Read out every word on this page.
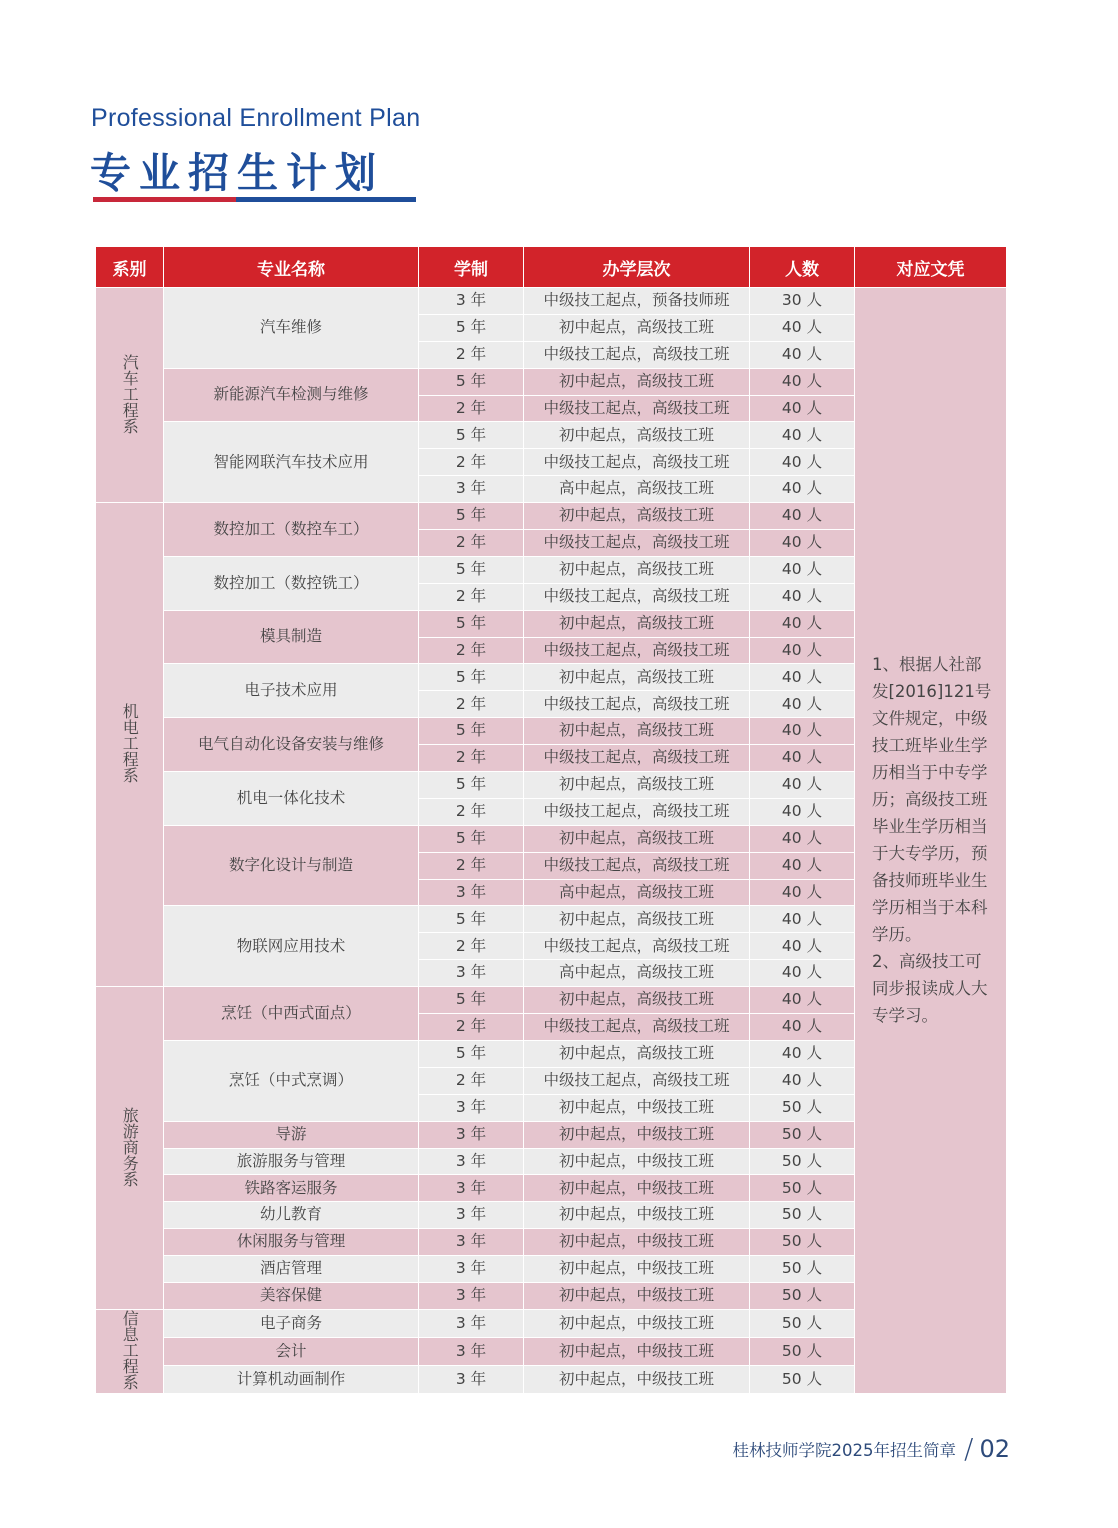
Professional Enrollment Plan
专业招生计划
系别	专业名称	学制	办学层次	人数	对应文凭
汽车工程系	汽车维修	3 年	中级技工起点，预备技师班	30 人	1、根据人社部发[2016]121号文件规定，中级技工班毕业生学历相当于中专学历；高级技工班毕业生学历相当于大专学历，预备技师班毕业生学历相当于本科学历。
2、高级技工可同步报读成人大专学习。

		5 年	初中起点，高级技工班	40 人	
		2 年	中级技工起点，高级技工班	40 人	
	新能源汽车检测与维修	5 年	初中起点，高级技工班	40 人	
		2 年	中级技工起点，高级技工班	40 人	
	智能网联汽车技术应用	5 年	初中起点，高级技工班	40 人	
		2 年	中级技工起点，高级技工班	40 人	
		3 年	高中起点，高级技工班	40 人	
机电工程系	数控加工（数控车工）	5 年	初中起点，高级技工班	40 人	
		2 年	中级技工起点，高级技工班	40 人	
	数控加工（数控铣工）	5 年	初中起点，高级技工班	40 人	
		2 年	中级技工起点，高级技工班	40 人	
	模具制造	5 年	初中起点，高级技工班	40 人	
		2 年	中级技工起点，高级技工班	40 人	
	电子技术应用	5 年	初中起点，高级技工班	40 人	
		2 年	中级技工起点，高级技工班	40 人	
	电气自动化设备安装与维修	5 年	初中起点，高级技工班	40 人	
		2 年	中级技工起点，高级技工班	40 人	
	机电一体化技术	5 年	初中起点，高级技工班	40 人	
		2 年	中级技工起点，高级技工班	40 人	
	数字化设计与制造	5 年	初中起点，高级技工班	40 人	
		2 年	中级技工起点，高级技工班	40 人	
		3 年	高中起点，高级技工班	40 人	
	物联网应用技术	5 年	初中起点，高级技工班	40 人	
		2 年	中级技工起点，高级技工班	40 人	
		3 年	高中起点，高级技工班	40 人	
旅游商务系	烹饪（中西式面点）	5 年	初中起点，高级技工班	40 人	
		2 年	中级技工起点，高级技工班	40 人	
	烹饪（中式烹调）	5 年	初中起点，高级技工班	40 人	
		2 年	中级技工起点，高级技工班	40 人	
		3 年	初中起点，中级技工班	50 人	
	导游	3 年	初中起点，中级技工班	50 人	
	旅游服务与管理	3 年	初中起点，中级技工班	50 人	
	铁路客运服务	3 年	初中起点，中级技工班	50 人	
	幼儿教育	3 年	初中起点，中级技工班	50 人	
	休闲服务与管理	3 年	初中起点，中级技工班	50 人	
	酒店管理	3 年	初中起点，中级技工班	50 人	
	美容保健	3 年	初中起点，中级技工班	50 人	
信息工程系	电子商务	3 年	初中起点，中级技工班	50 人	
	会计	3 年	初中起点，中级技工班	50 人	
	计算机动画制作	3 年	初中起点，中级技工班	50 人	
桂林技师学院2025年招生简章 / 02
